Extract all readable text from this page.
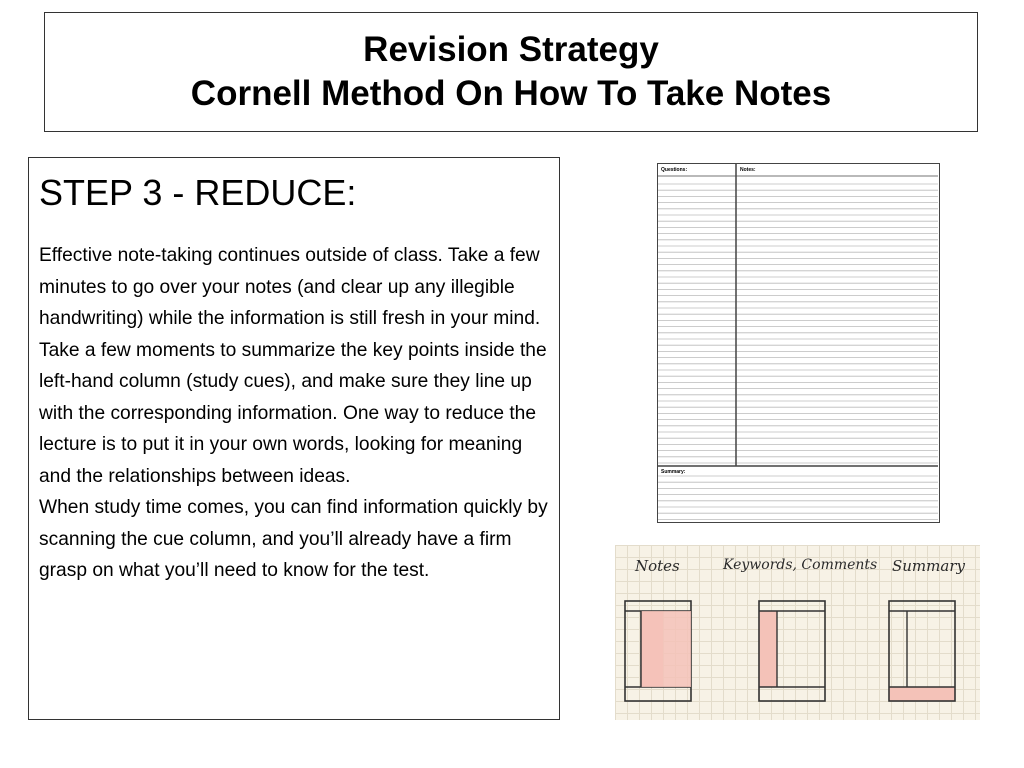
Revision Strategy
Cornell Method On How To Take Notes
STEP 3 - REDUCE:

Effective note-taking continues outside of class. Take a few minutes to go over your notes (and clear up any illegible handwriting) while the information is still fresh in your mind.

Take a few moments to summarize the key points inside the left-hand column (study cues), and make sure they line up with the corresponding information. One way to reduce the lecture is to put it in your own words, looking for meaning and the relationships between ideas.

When study time comes, you can find information quickly by scanning the cue column, and you’ll already have a firm grasp on what you’ll need to know for the test.

Questions:	Notes:
Summary:
Notes	Keywords, Comments Summary
